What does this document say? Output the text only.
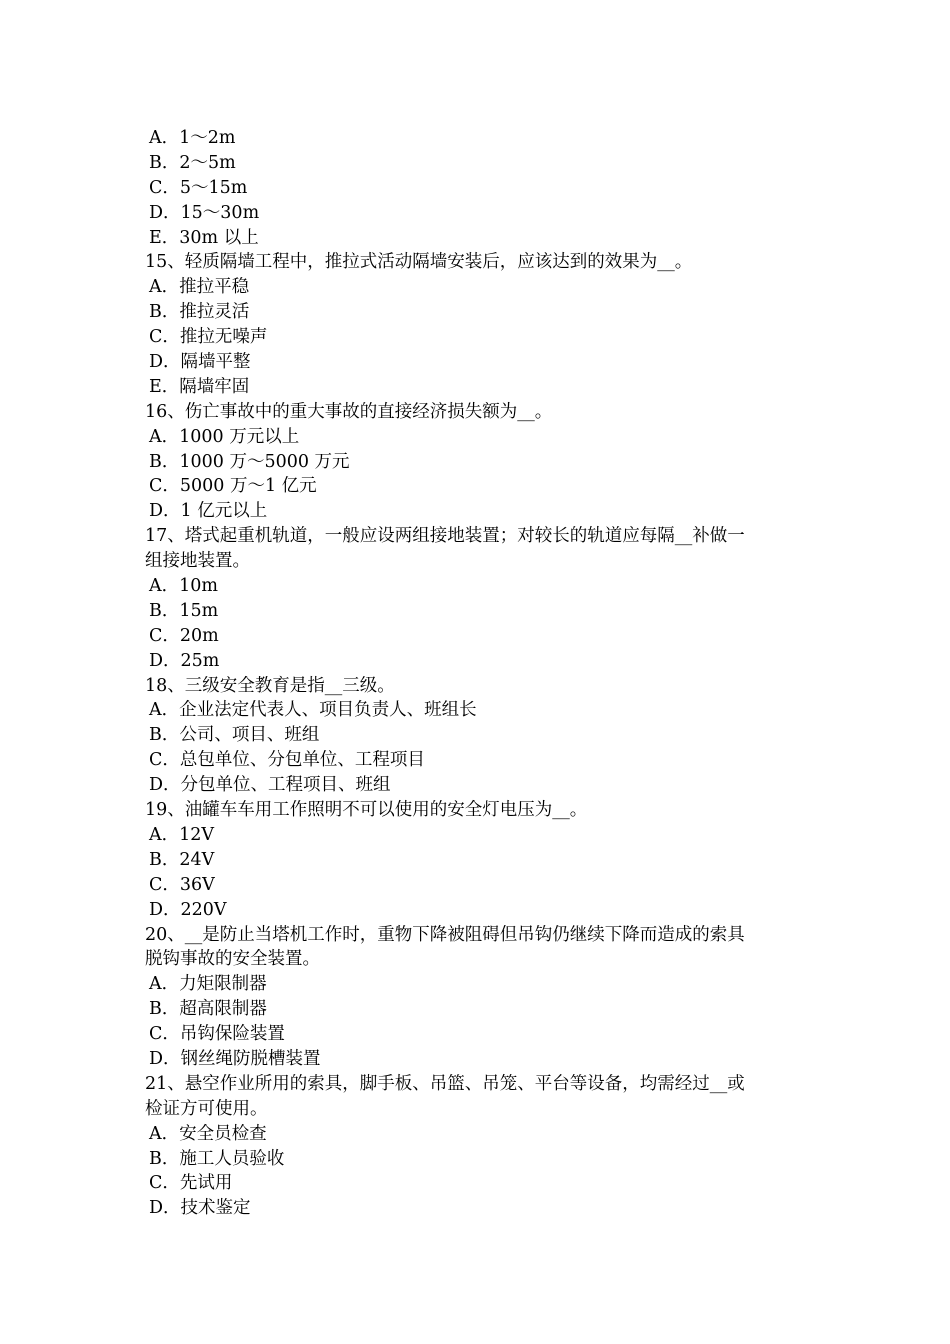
A．1～2m
B．2～5m
C．5～15m
D．15～30m
E．30m 以上
15、轻质隔墙工程中，推拉式活动隔墙安装后，应该达到的效果为__。
A．推拉平稳
B．推拉灵活
C．推拉无噪声
D．隔墙平整
E．隔墙牢固
16、伤亡事故中的重大事故的直接经济损失额为__。
A．1000 万元以上
B．1000 万～5000 万元
C．5000 万～1 亿元
D．1 亿元以上
17、塔式起重机轨道，一般应设两组接地装置；对较长的轨道应每隔__补做一
组接地装置。
A．10m
B．15m
C．20m
D．25m
18、三级安全教育是指__三级。
A．企业法定代表人、项目负责人、班组长
B．公司、项目、班组
C．总包单位、分包单位、工程项目
D．分包单位、工程项目、班组
19、油罐车车用工作照明不可以使用的安全灯电压为__。
A．12V
B．24V
C．36V
D．220V
20、__是防止当塔机工作时，重物下降被阻碍但吊钩仍继续下降而造成的索具
脱钩事故的安全装置。
A．力矩限制器
B．超高限制器
C．吊钩保险装置
D．钢丝绳防脱槽装置
21、悬空作业所用的索具，脚手板、吊篮、吊笼、平台等设备，均需经过__或
检证方可使用。
A．安全员检查
B．施工人员验收
C．先试用
D．技术鉴定
